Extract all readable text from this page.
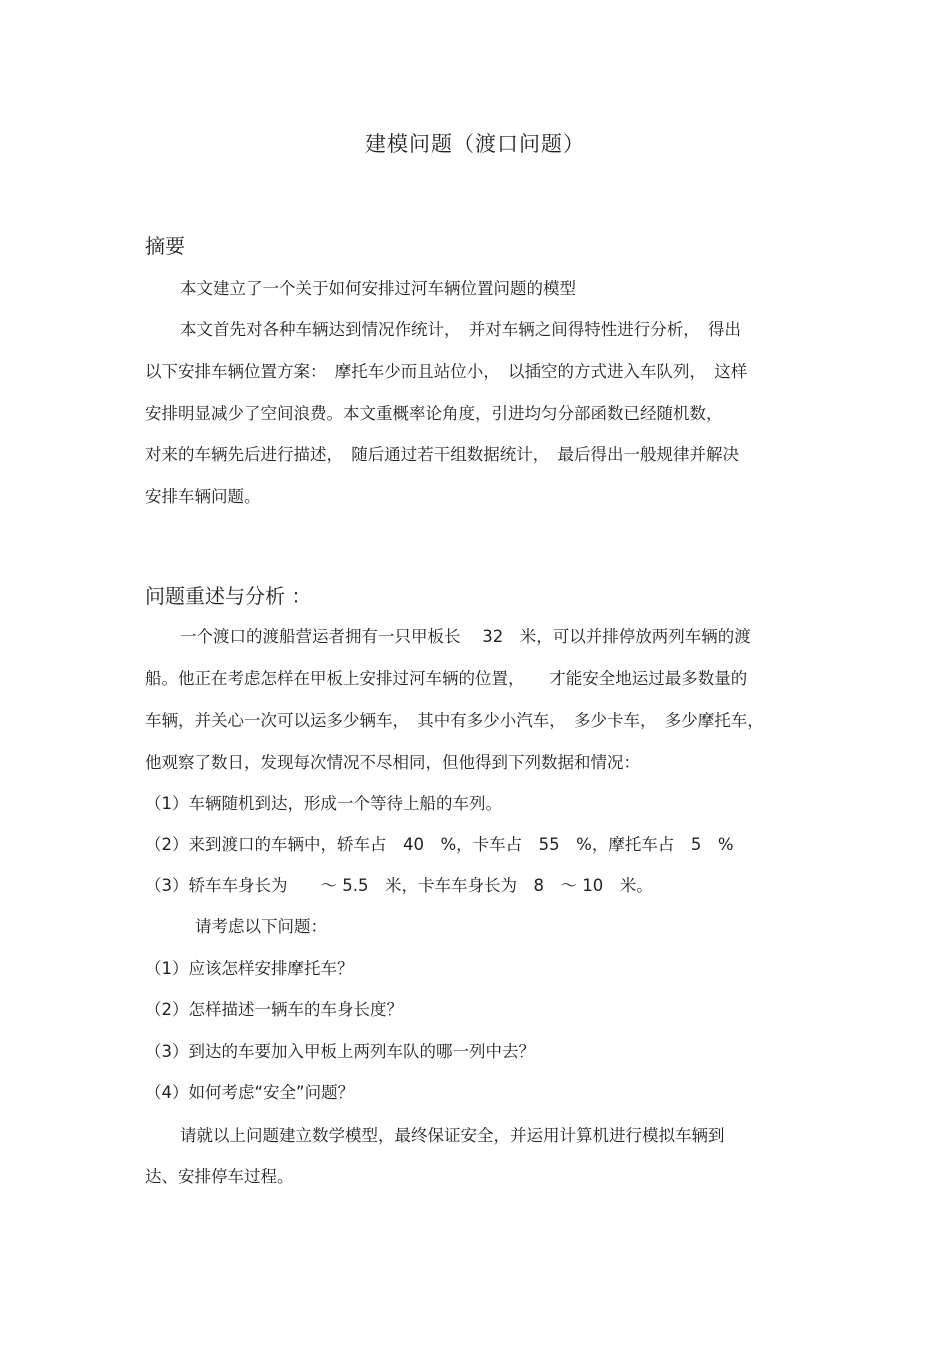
建模问题（渡口问题）
摘要
本文建立了一个关于如何安排过河车辆位置问题的模型
本文首先对各种车辆达到情况作统计，　并对车辆之间得特性进行分析，　得出
以下安排车辆位置方案：　摩托车少而且站位小，　以插空的方式进入车队列，　这样
安排明显减少了空间浪费。本文重概率论角度，引进均匀分部函数已经随机数，
对来的车辆先后进行描述，　随后通过若干组数据统计，　最后得出一般规律并解决
安排车辆问题。
问题重述与分析 ：
一个渡口的渡船营运者拥有一只甲板长　 32　米，可以并排停放两列车辆的渡
船。他正在考虑怎样在甲板上安排过河车辆的位置，　　才能安全地运过最多数量的
车辆，并关心一次可以运多少辆车，　其中有多少小汽车，　多少卡车，　多少摩托车，
他观察了数日，发现每次情况不尽相同，但他得到下列数据和情况：
（1）车辆随机到达，形成一个等待上船的车列。
（2）来到渡口的车辆中，轿车占　40　%，卡车占　55　%，摩托车占　5　%
（3）轿车车身长为　　～ 5.5　米，卡车车身长为　8　～ 10　米。
请考虑以下问题：
（1）应该怎样安排摩托车？
（2）怎样描述一辆车的车身长度？
（3）到达的车要加入甲板上两列车队的哪一列中去？
（4）如何考虑“安全”问题？
请就以上问题建立数学模型，最终保证安全，并运用计算机进行模拟车辆到
达、安排停车过程。
